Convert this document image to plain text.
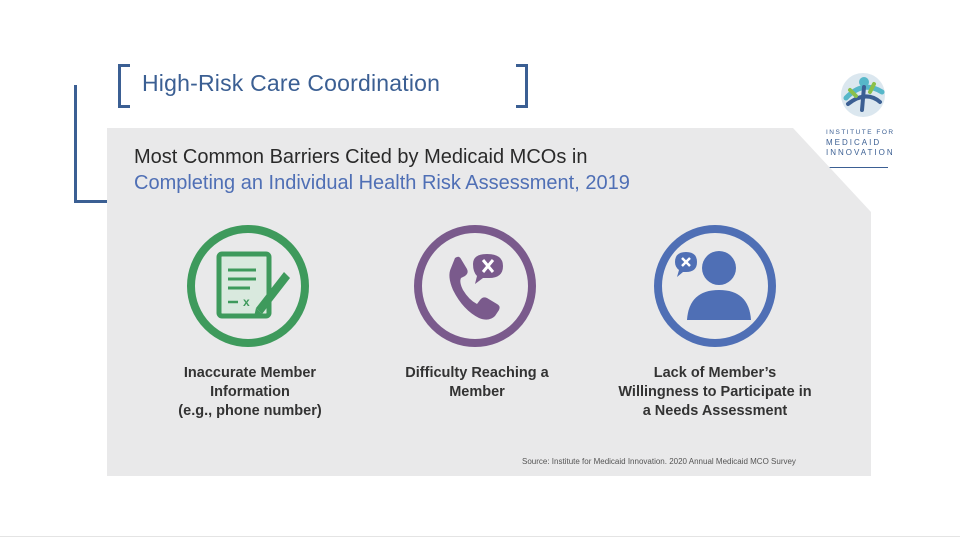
High-Risk Care Coordination
INSTITUTE FOR
MEDICAID
INNOVATION
Most Common Barriers Cited by Medicaid MCOs in
Completing an Individual Health Risk Assessment, 2019
x
Inaccurate Member
Information
(e.g., phone number)
Difficulty Reaching a
Member
Lack of Member’s
Willingness to Participate in
a Needs Assessment
Source: Institute for Medicaid Innovation. 2020 Annual Medicaid MCO Survey
